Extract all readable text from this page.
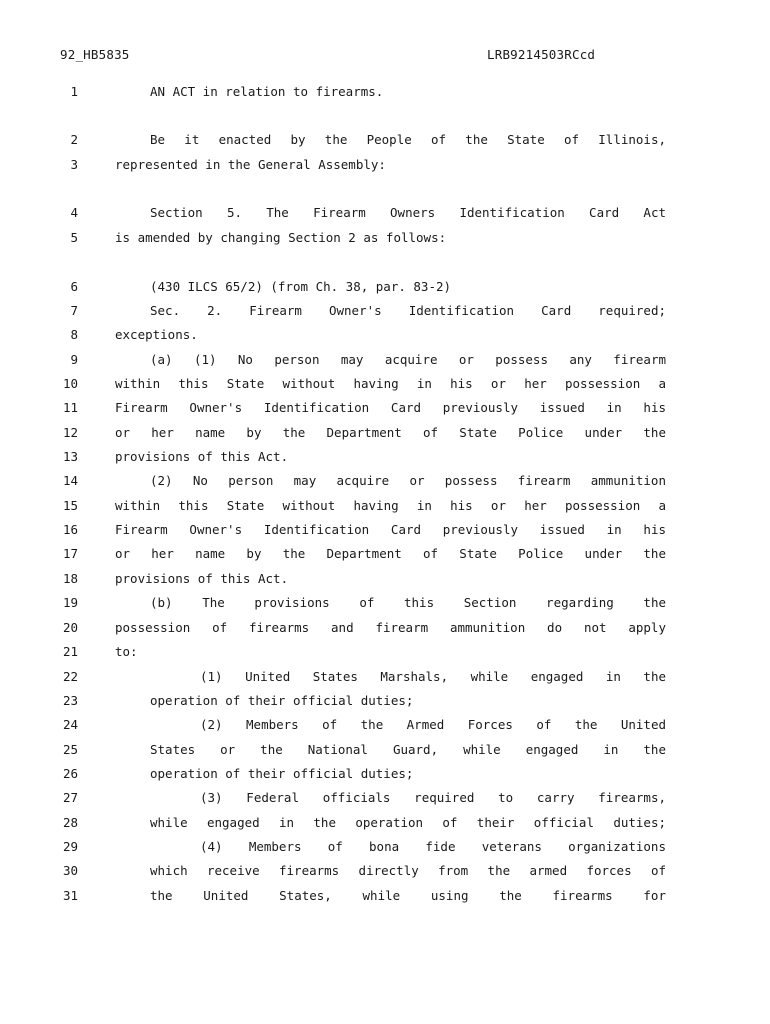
92_HB5835	LRB9214503RCcd
1	AN ACT in relation to firearms.
2	Be it enacted by the People of the State of Illinois,
3	represented in the General Assembly:
4	Section 5. The Firearm Owners Identification Card Act
5	is amended by changing Section 2 as follows:
6	(430 ILCS 65/2) (from Ch. 38, par. 83-2)
7	Sec. 2. Firearm Owner's Identification Card required;
8	exceptions.
9	(a) (1) No person may acquire or possess any firearm
10	within this State without having in his or her possession a
11	Firearm Owner's Identification Card previously issued in his
12	or her name by the Department of State Police under the
13	provisions of this Act.
14	(2) No person may acquire or possess firearm ammunition
15	within this State without having in his or her possession a
16	Firearm Owner's Identification Card previously issued in his
17	or her name by the Department of State Police under the
18	provisions of this Act.
19	(b) The provisions of this Section regarding the
20	possession of firearms and firearm ammunition do not apply
21	to:
22	(1) United States Marshals, while engaged in the
23	operation of their official duties;
24	(2) Members of the Armed Forces of the United
25	States or the National Guard, while engaged in the
26	operation of their official duties;
27	(3) Federal officials required to carry firearms,
28	while engaged in the operation of their official duties;
29	(4) Members of bona fide veterans organizations
30	which receive firearms directly from the armed forces of
31	the United States, while using the firearms for
